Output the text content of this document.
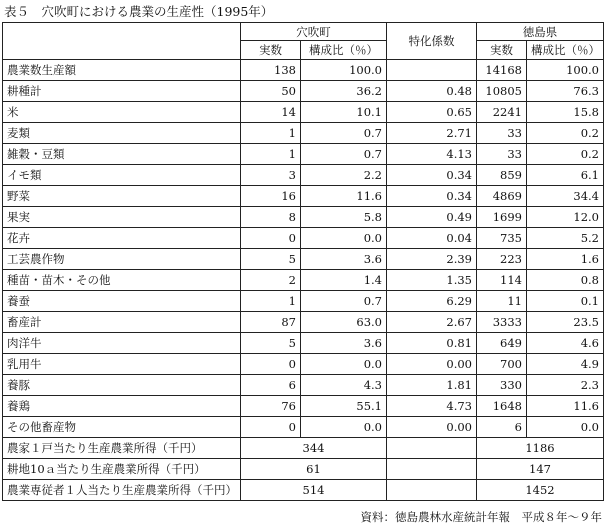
表５　穴吹町における農業の生産性（1995年）
	穴吹町		特化係数	徳島県	
	実数	構成比（％）		実数	構成比（％）
農業数生産額	138	100.0		14168	100.0
耕種計	50	36.2	0.48	10805	76.3
米	14	10.1	0.65	2241	15.8
麦類	1	0.7	2.71	33	0.2
雑穀・豆類	1	0.7	4.13	33	0.2
イモ類	3	2.2	0.34	859	6.1
野菜	16	11.6	0.34	4869	34.4
果実	8	5.8	0.49	1699	12.0
花卉	0	0.0	0.04	735	5.2
工芸農作物	5	3.6	2.39	223	1.6
種苗・苗木・その他	2	1.4	1.35	114	0.8
養蚕	1	0.7	6.29	11	0.1
畜産計	87	63.0	2.67	3333	23.5
肉洋牛	5	3.6	0.81	649	4.6
乳用牛	0	0.0	0.00	700	4.9
養豚	6	4.3	1.81	330	2.3
養鶏	76	55.1	4.73	1648	11.6
その他畜産物	0	0.0	0.00	6	0.0
農家１戸当たり生産農業所得（千円）	344			1186	
耕地10ａ当たり生産農業所得（千円）	61			147	
農業専従者１人当たり生産農業所得（千円）	514			1452	
資料：徳島農林水産統計年報　平成８年～９年
